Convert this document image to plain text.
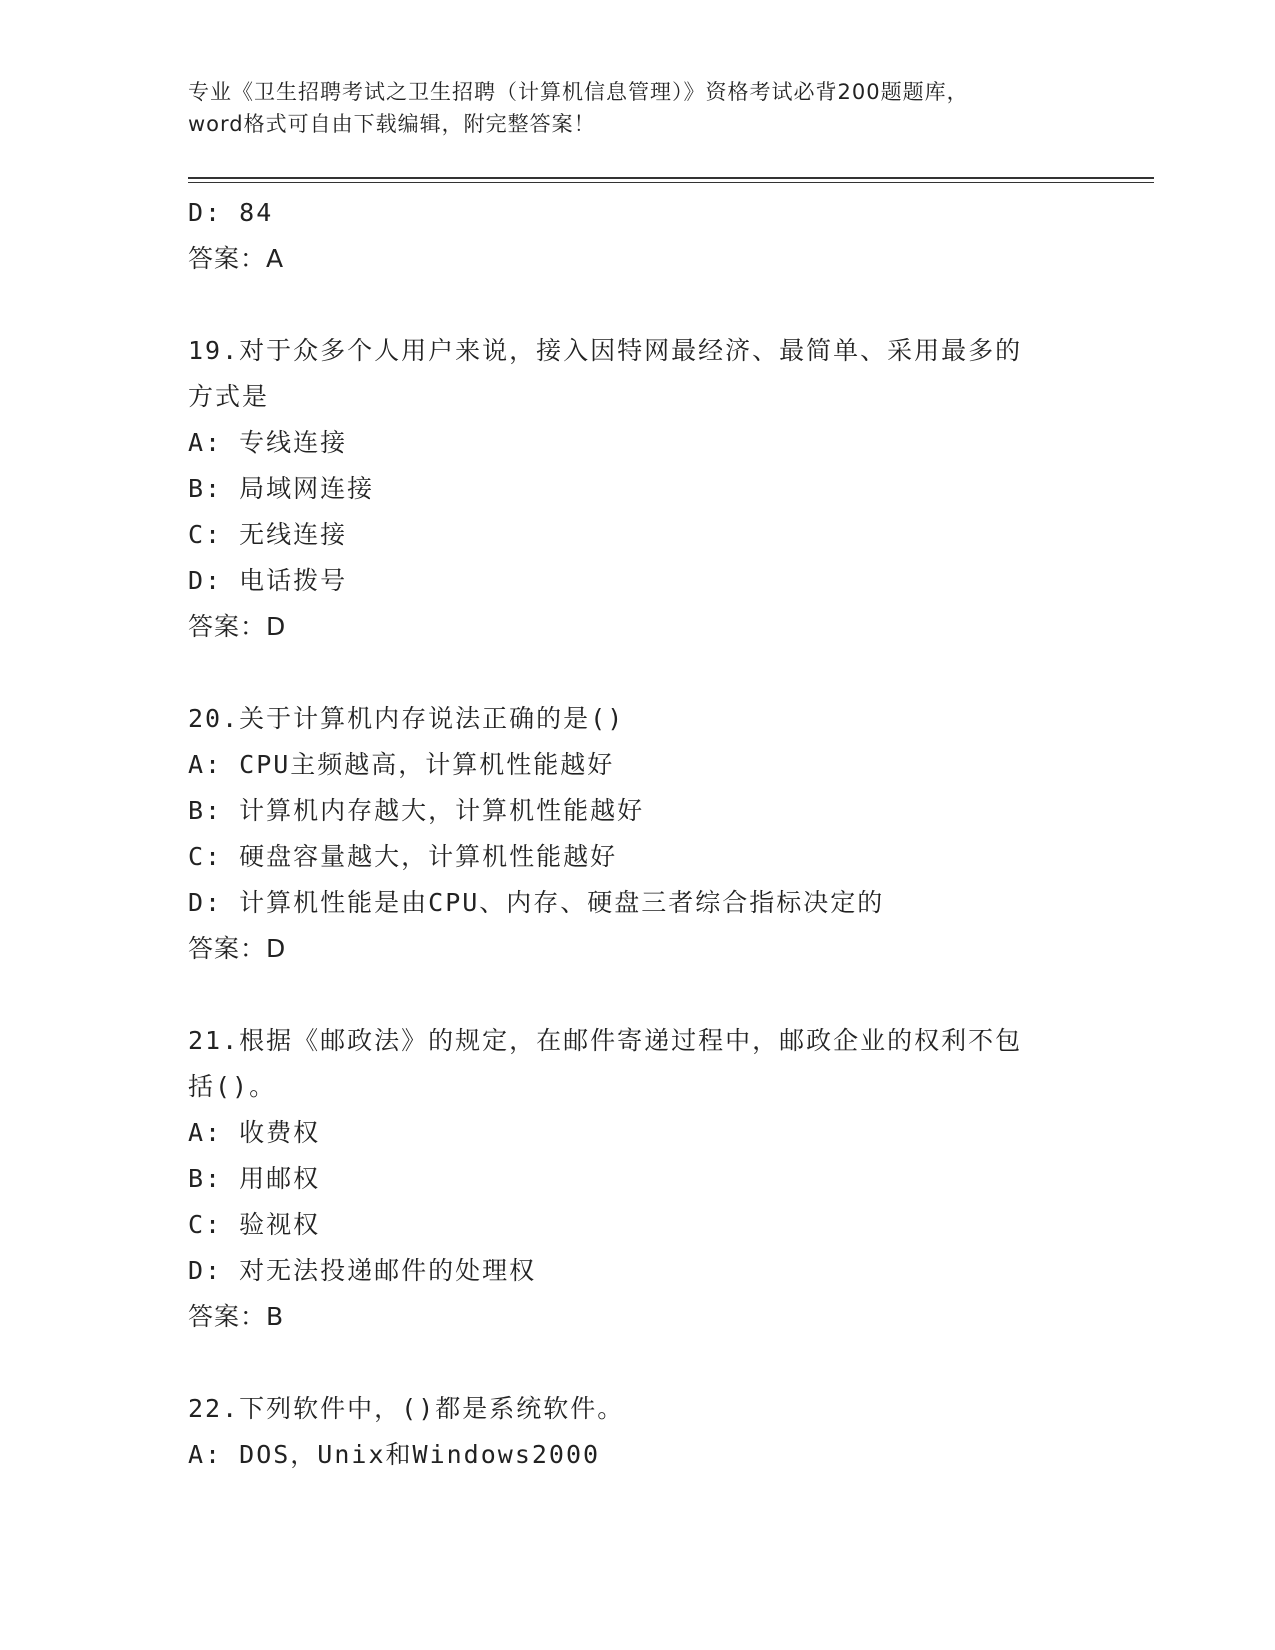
专业《卫生招聘考试之卫生招聘（计算机信息管理）》资格考试必背200题题库，
word格式可自由下载编辑，附完整答案！
D: 84
答案：A
19.对于众多个人用户来说，接入因特网最经济、最简单、采用最多的
方式是
A: 专线连接
B: 局域网连接
C: 无线连接
D: 电话拨号
答案：D
20.关于计算机内存说法正确的是()
A: CPU主频越高，计算机性能越好
B: 计算机内存越大，计算机性能越好
C: 硬盘容量越大，计算机性能越好
D: 计算机性能是由CPU、内存、硬盘三者综合指标决定的
答案：D
21.根据《邮政法》的规定，在邮件寄递过程中，邮政企业的权利不包
括()。
A: 收费权
B: 用邮权
C: 验视权
D: 对无法投递邮件的处理权
答案：B
22.下列软件中，()都是系统软件。
A: DOS，Unix和Windows2000
